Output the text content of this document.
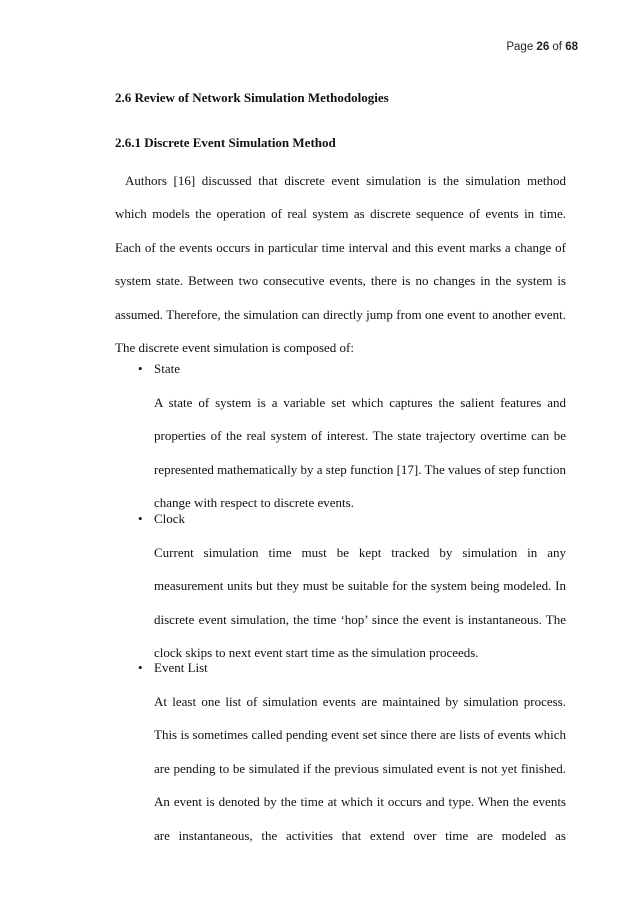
Page 26 of 68
2.6 Review of Network Simulation Methodologies
2.6.1 Discrete Event Simulation Method

Authors [16] discussed that discrete event simulation is the simulation method
which models the operation of real system as discrete sequence of events in time.
Each of the events occurs in particular time interval and this event marks a change of
system state. Between two consecutive events, there is no changes in the system is
assumed. Therefore, the simulation can directly jump from one event to another event.
The discrete event simulation is composed of:

• State

A state of system is a variable set which captures the salient features and
properties of the real system of interest. The state trajectory overtime can be
represented mathematically by a step function [17]. The values of step function
change with respect to discrete events.

• Clock

Current simulation time must be kept tracked by simulation in any
measurement units but they must be suitable for the system being modeled. In
discrete event simulation, the time ‘hop’ since the event is instantaneous. The
clock skips to next event start time as the simulation proceeds.

• Event List

At least one list of simulation events are maintained by simulation process.
This is sometimes called pending event set since there are lists of events which
are pending to be simulated if the previous simulated event is not yet finished.
An event is denoted by the time at which it occurs and type. When the events
are instantaneous, the activities that extend over time are modeled as
